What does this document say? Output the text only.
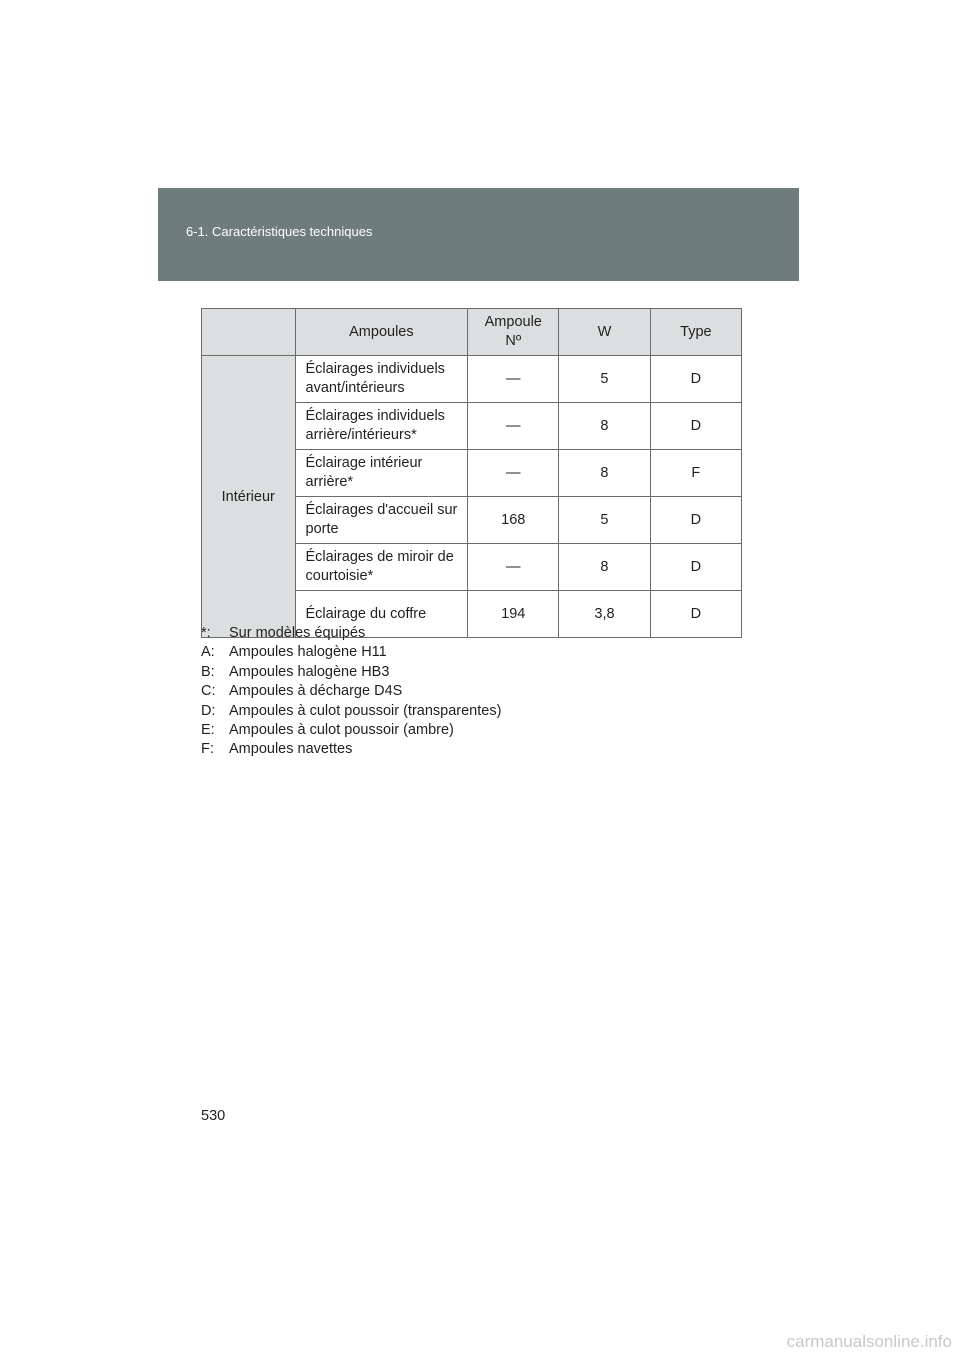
6-1. Caractéristiques techniques
	Ampoules	Ampoule
Nº	W	Type
Intérieur	Éclairages individuels avant/intérieurs	—	5	D
	Éclairages individuels arrière/intérieurs*	—	8	D
	Éclairage intérieur arrière*	—	8	F
	Éclairages d'accueil sur porte	168	5	D
	Éclairages de miroir de courtoisie*	—	8	D
	Éclairage du coffre	194	3,8	D
*:	Sur modèles équipés
A: Ampoules halogène H11
B: Ampoules halogène HB3
C: Ampoules à décharge D4S
D: Ampoules à culot poussoir (transparentes)
E: Ampoules à culot poussoir (ambre)
F:	Ampoules navettes
530
carmanualsonline.info
